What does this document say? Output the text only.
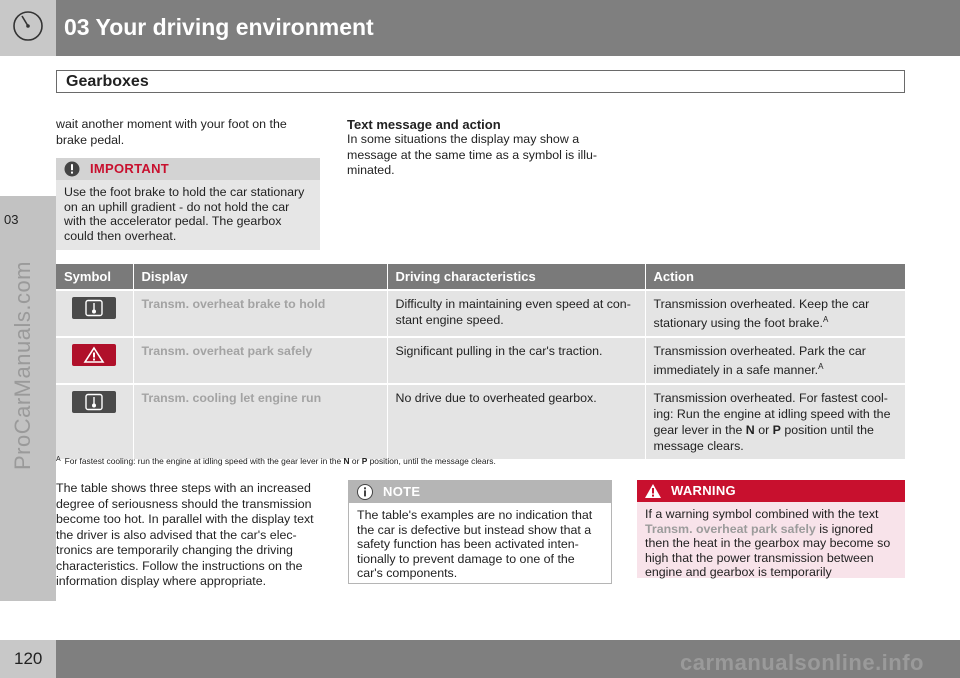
03 Your driving environment
Gearboxes
03
ProCarManuals.com
wait another moment with your foot on the brake pedal.
IMPORTANT
Use the foot brake to hold the car stationary on an uphill gradient - do not hold the car with the accelerator pedal. The gearbox could then overheat.
Text message and action
In some situations the display may show a message at the same time as a symbol is illu-minated.
Symbol	Display	Driving characteristics	Action
	Transm. overheat brake to hold	Difficulty in maintaining even speed at con-stant engine speed.	Transmission overheated. Keep the car stationary using the foot brake.$^A$
	Transm. overheat park safely	Significant pulling in the car's traction.	Transmission overheated. Park the car immediately in a safe manner.$^A$
	Transm. cooling let engine run	No drive due to overheated gearbox.	Transmission overheated. For fastest cool-ing: Run the engine at idling speed with the gear lever in the N or P position until the message clears.
$^A$ For fastest cooling: run the engine at idling speed with the gear lever in the N or P position, until the message clears.
The table shows three steps with an increased degree of seriousness should the transmission become too hot. In parallel with the display text the driver is also advised that the car's elec-tronics are temporarily changing the driving characteristics. Follow the instructions on the information display where appropriate.
NOTE
The table's examples are no indication that the car is defective but instead show that a safety function has been activated inten-tionally to prevent damage to one of the car's components.
WARNING
If a warning symbol combined with the text Transm. overheat park safely is ignored then the heat in the gearbox may become so high that the power transmission between engine and gearbox is temporarily
120	carmanualsonline.info
